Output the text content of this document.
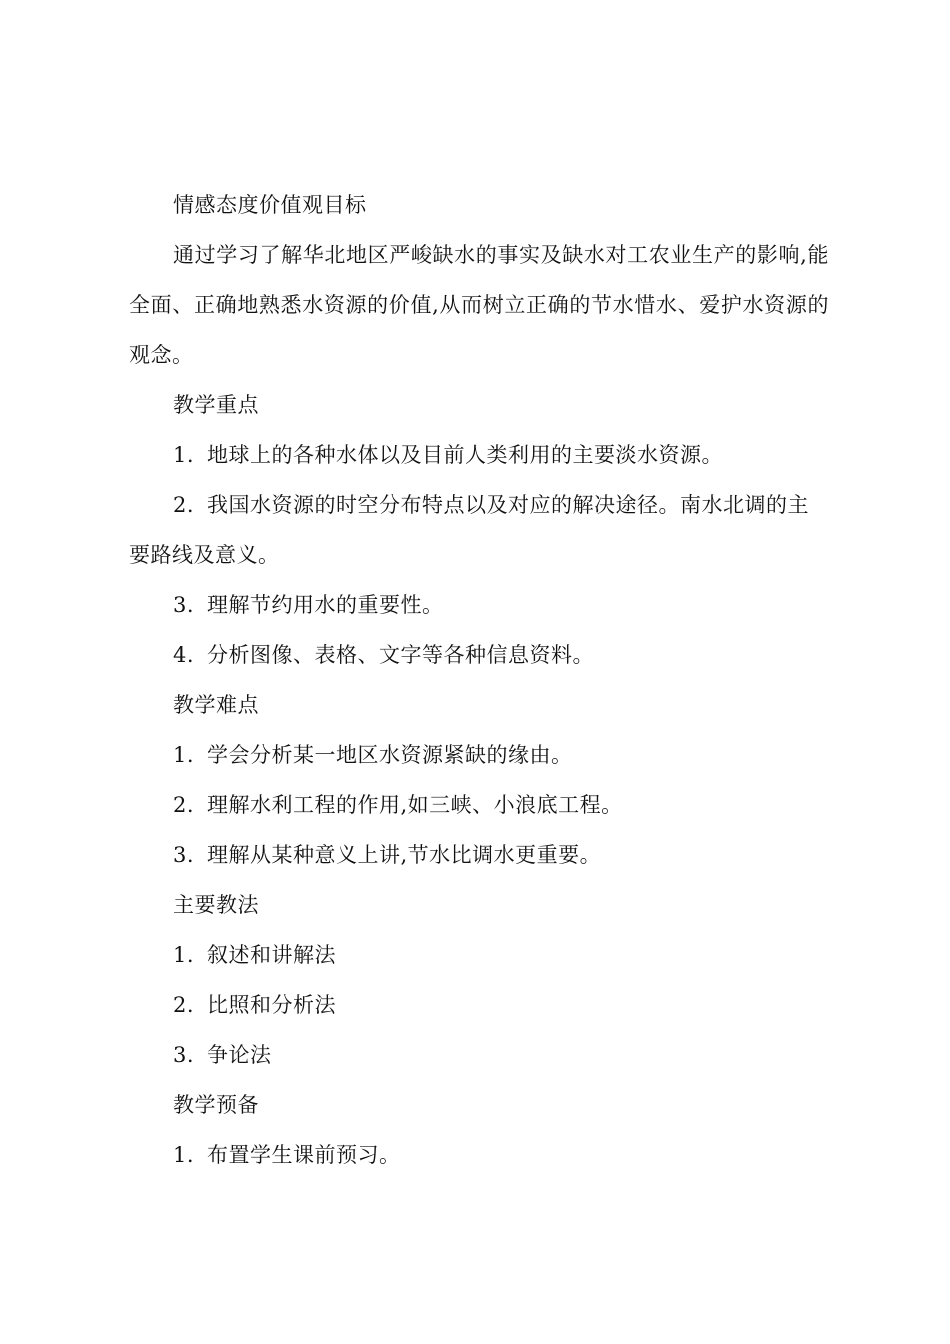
情感态度价值观目标

通过学习了解华北地区严峻缺水的事实及缺水对工农业生产的影响,能全面、正确地熟悉水资源的价值,从而树立正确的节水惜水、爱护水资源的观念。

教学重点

1. 地球上的各种水体以及目前人类利用的主要淡水资源。

2. 我国水资源的时空分布特点以及对应的解决途径。南水北调的主要路线及意义。

3. 理解节约用水的重要性。

4. 分析图像、表格、文字等各种信息资料。

教学难点

1. 学会分析某一地区水资源紧缺的缘由。

2. 理解水利工程的作用,如三峡、小浪底工程。

3. 理解从某种意义上讲,节水比调水更重要。

主要教法

1. 叙述和讲解法

2. 比照和分析法

3. 争论法

教学预备

1. 布置学生课前预习。
